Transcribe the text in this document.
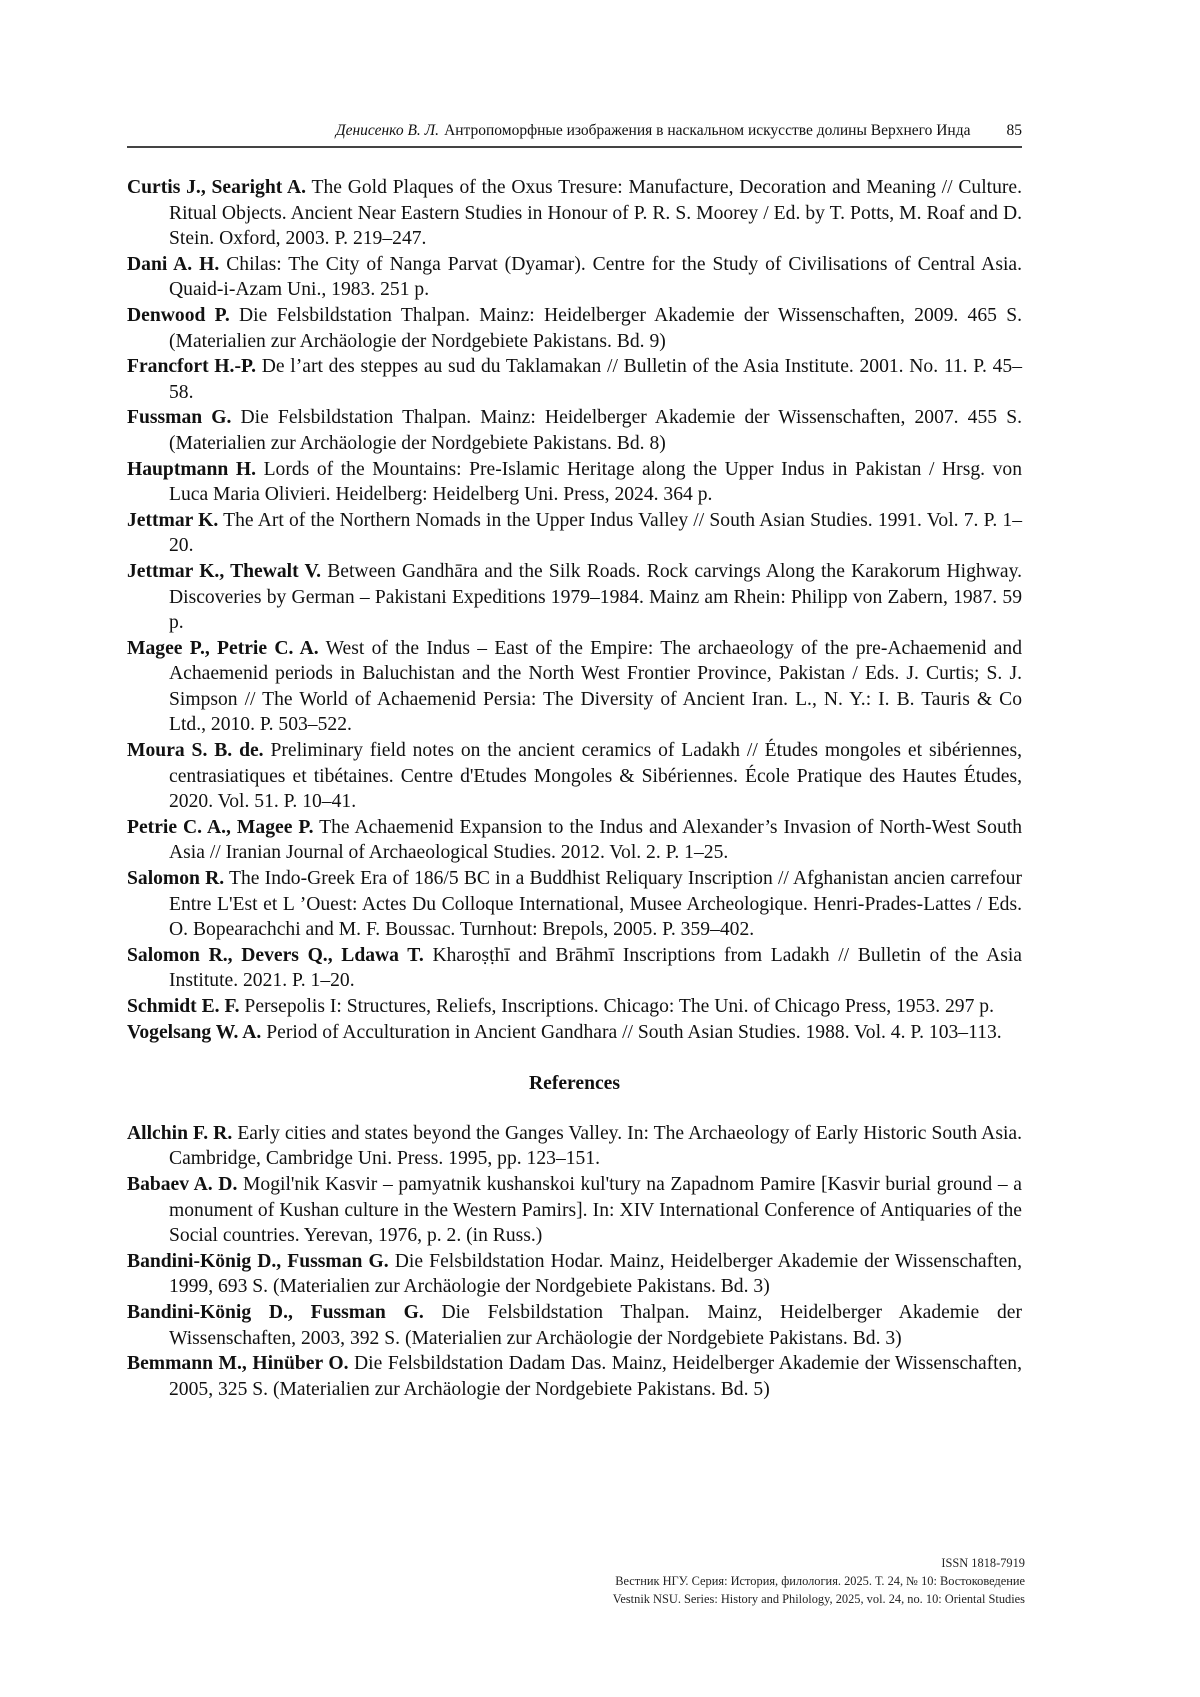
Денисенко В. Л. Антропоморфные изображения в наскальном искусстве долины Верхнего Инда 85
Curtis J., Searight A. The Gold Plaques of the Oxus Tresure: Manufacture, Decoration and Meaning // Culture. Ritual Objects. Ancient Near Eastern Studies in Honour of P. R. S. Moorey / Ed. by T. Potts, M. Roaf and D. Stein. Oxford, 2003. P. 219–247.
Dani A. H. Chilas: The City of Nanga Parvat (Dyamar). Centre for the Study of Civilisations of Central Asia. Quaid-i-Azam Uni., 1983. 251 p.
Denwood P. Die Felsbildstation Thalpan. Mainz: Heidelberger Akademie der Wissenschaften, 2009. 465 S. (Materialien zur Archäologie der Nordgebiete Pakistans. Bd. 9)
Francfort H.-P. De l’art des steppes au sud du Taklamakan // Bulletin of the Asia Institute. 2001. No. 11. P. 45–58.
Fussman G. Die Felsbildstation Thalpan. Mainz: Heidelberger Akademie der Wissenschaften, 2007. 455 S. (Materialien zur Archäologie der Nordgebiete Pakistans. Bd. 8)
Hauptmann H. Lords of the Mountains: Pre-Islamic Heritage along the Upper Indus in Pakistan / Hrsg. von Luca Maria Olivieri. Heidelberg: Heidelberg Uni. Press, 2024. 364 p.
Jettmar K. The Art of the Northern Nomads in the Upper Indus Valley // South Asian Studies. 1991. Vol. 7. P. 1–20.
Jettmar K., Thewalt V. Between Gandhāra and the Silk Roads. Rock carvings Along the Karakorum Highway. Discoveries by German – Pakistani Expeditions 1979–1984. Mainz am Rhein: Philipp von Zabern, 1987. 59 p.
Magee P., Petrie C. A. West of the Indus – East of the Empire: The archaeology of the pre-Achaemenid and Achaemenid periods in Baluchistan and the North West Frontier Province, Pakistan / Eds. J. Curtis; S. J. Simpson // The World of Achaemenid Persia: The Diversity of Ancient Iran. L., N. Y.: I. B. Tauris & Co Ltd., 2010. P. 503–522.
Moura S. B. de. Preliminary field notes on the ancient ceramics of Ladakh // Études mongoles et sibériennes, centrasiatiques et tibétaines. Centre d'Etudes Mongoles & Sibériennes. École Pratique des Hautes Études, 2020. Vol. 51. P. 10–41.
Petrie C. A., Magee P. The Achaemenid Expansion to the Indus and Alexander’s Invasion of North-West South Asia // Iranian Journal of Archaeological Studies. 2012. Vol. 2. P. 1–25.
Salomon R. The Indo-Greek Era of 186/5 BC in a Buddhist Reliquary Inscription // Afghanistan ancien carrefour Entre L'Est et L ’Ouest: Actes Du Colloque International, Musee Archeologique. Henri-Prades-Lattes / Eds. O. Bopearachchi and M. F. Boussac. Turnhout: Brepols, 2005. P. 359–402.
Salomon R., Devers Q., Ldawa T. Kharoṣṭhī and Brāhmī Inscriptions from Ladakh // Bulletin of the Asia Institute. 2021. P. 1–20.
Schmidt E. F. Persepolis I: Structures, Reliefs, Inscriptions. Chicago: The Uni. of Chicago Press, 1953. 297 p.
Vogelsang W. A. Period of Acculturation in Ancient Gandhara // South Asian Studies. 1988. Vol. 4. P. 103–113.
References
Allchin F. R. Early cities and states beyond the Ganges Valley. In: The Archaeology of Early Historic South Asia. Cambridge, Cambridge Uni. Press. 1995, pp. 123–151.
Babaev A. D. Mogil'nik Kasvir – pamyatnik kushanskoi kul'tury na Zapadnom Pamire [Kasvir burial ground – a monument of Kushan culture in the Western Pamirs]. In: XIV International Conference of Antiquaries of the Social countries. Yerevan, 1976, p. 2. (in Russ.)
Bandini-König D., Fussman G. Die Felsbildstation Hodar. Mainz, Heidelberger Akademie der Wissenschaften, 1999, 693 S. (Materialien zur Archäologie der Nordgebiete Pakistans. Bd. 3)
Bandini-König D., Fussman G. Die Felsbildstation Thalpan. Mainz, Heidelberger Akademie der Wissenschaften, 2003, 392 S. (Materialien zur Archäologie der Nordgebiete Pakistans. Bd. 3)
Bemmann M., Hinüber O. Die Felsbildstation Dadam Das. Mainz, Heidelberger Akademie der Wissenschaften, 2005, 325 S. (Materialien zur Archäologie der Nordgebiete Pakistans. Bd. 5)
ISSN 1818-7919
Вестник НГУ. Серия: История, филология. 2025. Т. 24, № 10: Востоковедение
Vestnik NSU. Series: History and Philology, 2025, vol. 24, no. 10: Oriental Studies
